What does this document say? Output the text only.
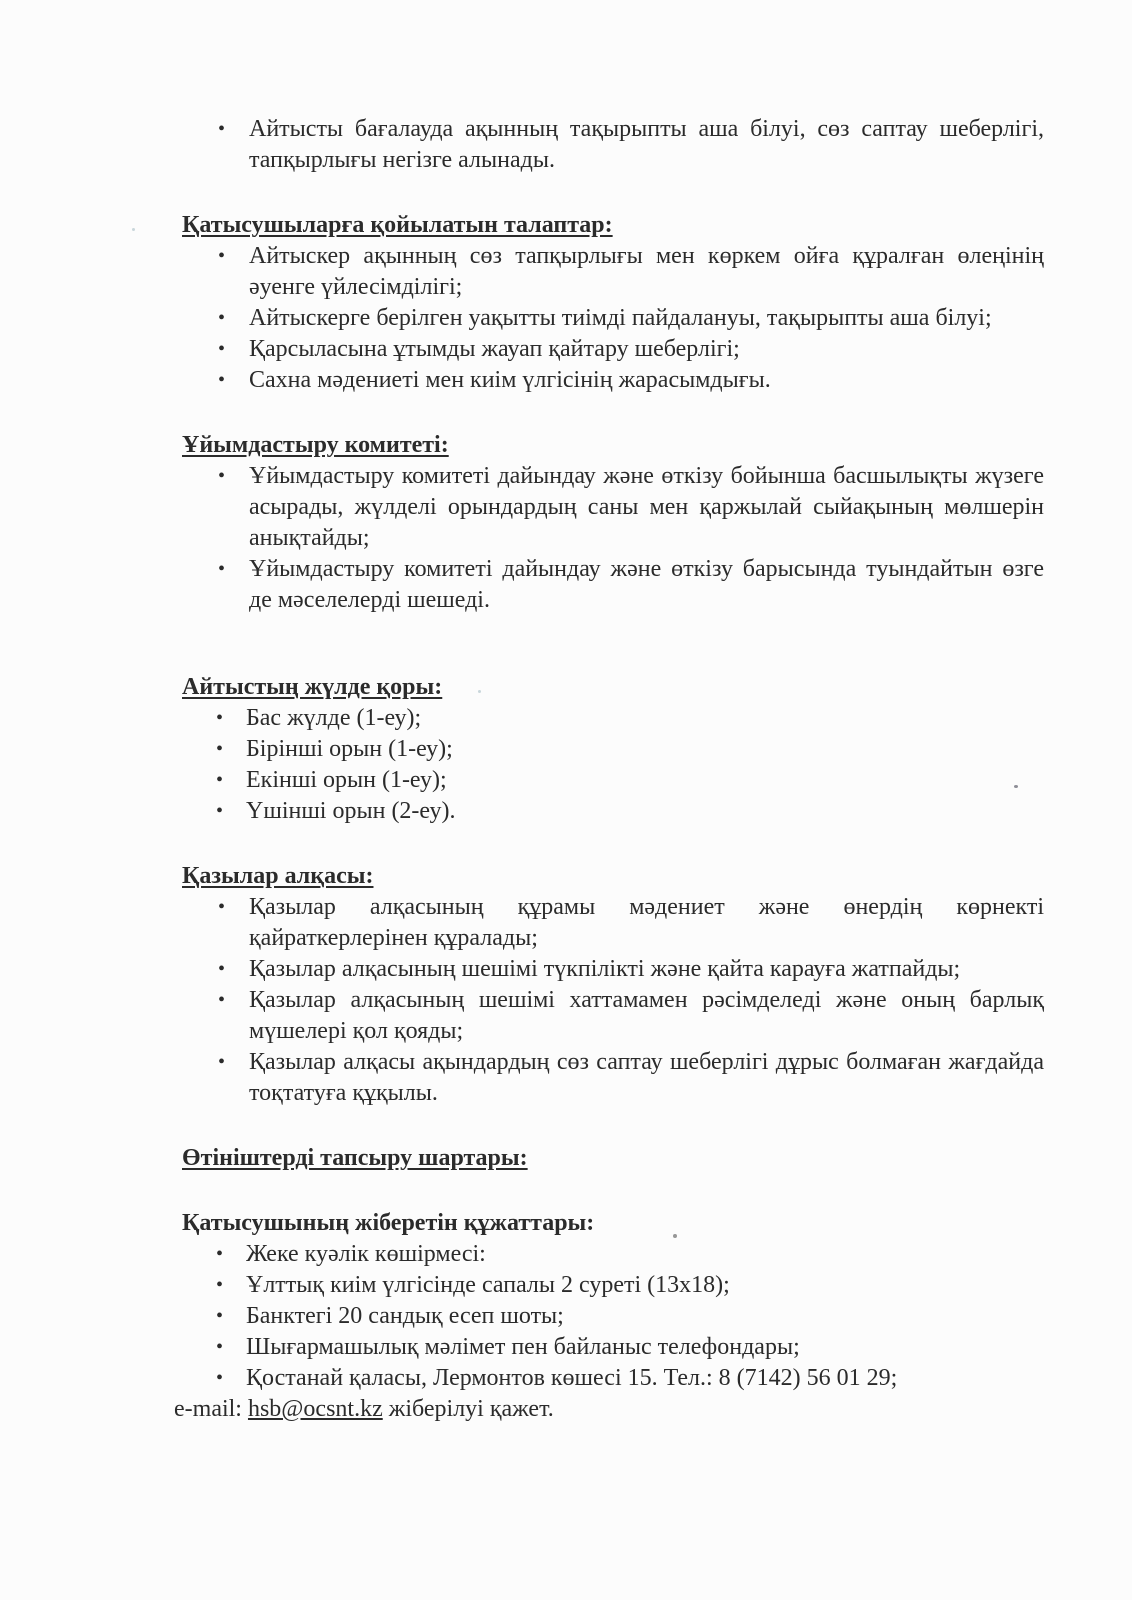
• Айтысты бағалауда ақынның тақырыпты аша білуі, сөз саптау шеберлігі, тапқырлығы негізге алынады.

Қатысушыларға қойылатын талаптар:

• Айтыскер ақынның сөз тапқырлығы мен көркем ойға құралған өлеңінің әуенге үйлесімділігі;
• Айтыскерге берілген уақытты тиімді пайдалануы, тақырыпты аша білуі;
• Қарсыласына ұтымды жауап қайтару шеберлігі;
• Сахна мәдениеті мен киім үлгісінің жарасымдығы.

Ұйымдастыру комитеті:

• Ұйымдастыру комитеті дайындау және өткізу бойынша басшылықты жүзеге асырады, жүлделі орындардың саны мен қаржылай сыйақының мөлшерін анықтайды;
• Ұйымдастыру комитеті дайындау және өткізу барысында туындайтын өзге де мәселелерді шешеді.

Айтыстың жүлде қоры:

• Бас жүлде (1-еу);
• Бірінші орын (1-еу);
• Екінші орын (1-еу);
• Үшінші орын (2-еу).

Қазылар алқасы:

• Қазылар алқасының құрамы мәдениет және өнердің көрнекті қайраткерлерінен құралады;
• Қазылар алқасының шешімі түкпілікті және қайта карауға жатпайды;
• Қазылар алқасының шешімі хаттамамен рәсімделеді және оның барлық мүшелері қол қояды;
• Қазылар алқасы ақындардың сөз саптау шеберлігі дұрыс болмаған жағдайда тоқтатуға құқылы.

Өтініштерді тапсыру шартары:

Қатысушының жіберетін құжаттары:

• Жеке куәлік көшірмесі:
• Ұлттық киім үлгісінде сапалы 2 суреті (13х18);
• Банктегі 20 сандық есеп шоты;
• Шығармашылық мәлімет пен байланыс телефондары;
• Қостанай қаласы, Лермонтов көшесі 15. Тел.: 8 (7142) 56 01 29;

e-mail: hsb@ocsnt.kz жіберілуі қажет.
